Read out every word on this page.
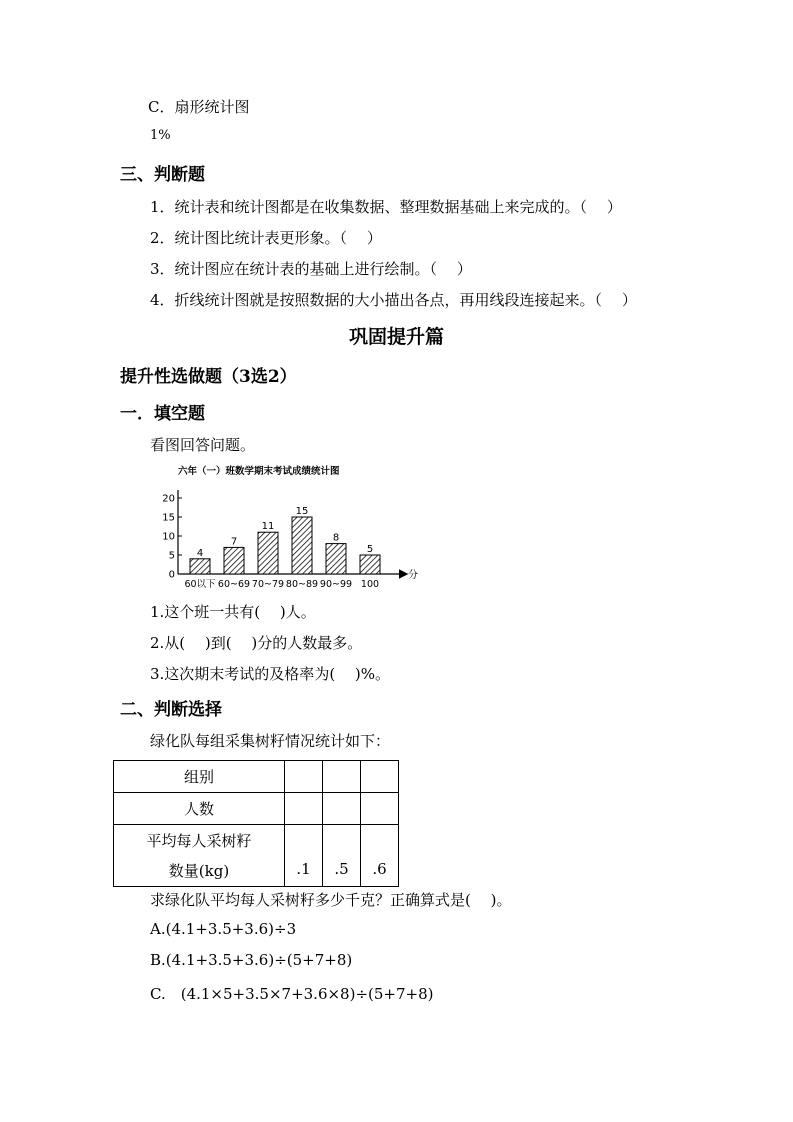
C．扇形统计图
1%
三、判断题
1．统计表和统计图都是在收集数据、整理数据基础上来完成的。（　 ）
2．统计图比统计表更形象。（　 ）
3．统计图应在统计表的基础上进行绘制。（　 ）
4．折线统计图就是按照数据的大小描出各点，再用线段连接起来。（　 ）
巩固提升篇
提升性选做题（3选2）
一．填空题
看图回答问题。
六年（一）班数学期末考试成绩统计图
0
5
10
15
20
4
7
11
15
8
5
60以下 60~69 70~79 80~89 90~99 100
分
1.这个班一共有(　 )人。
2.从(　 )到(　 )分的人数最多。
3.这次期末考试的及格率为(　 )%。
二、判断选择
绿化队每组采集树籽情况统计如下：
组别			
人数			

平均每人采树籽
数量(kg)	.1	.5	.6
求绿化队平均每人采树籽多少千克？正确算式是(　 )。
A.(4.1+3.5+3.6)÷3
B.(4.1+3.5+3.6)÷(5+7+8)
C.　(4.1×5+3.5×7+3.6×8)÷(5+7+8)
